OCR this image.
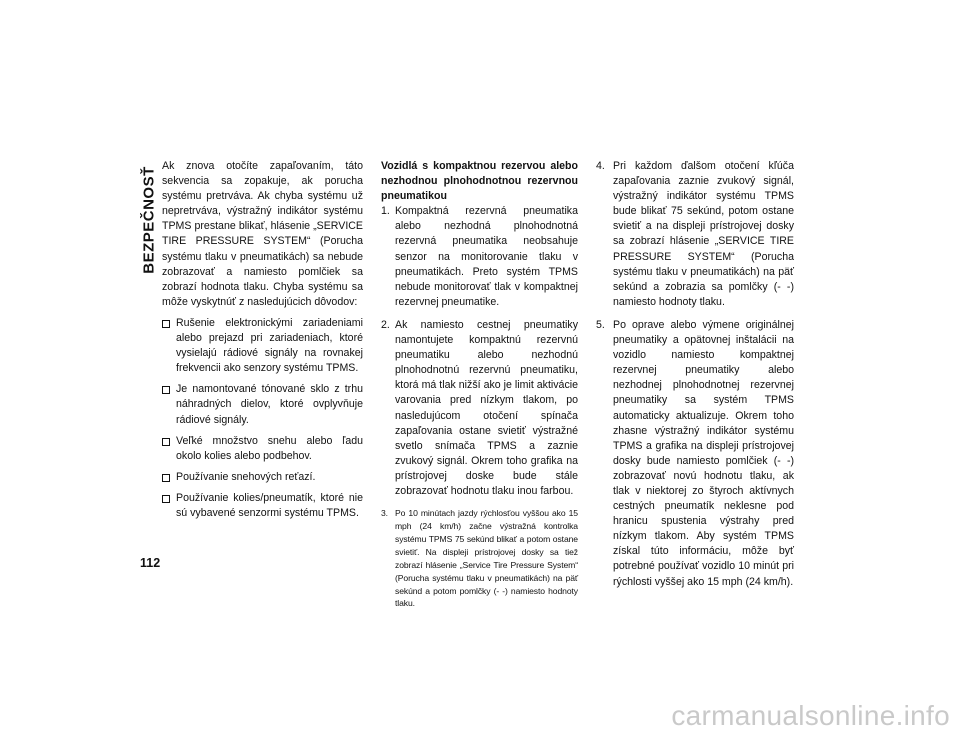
BEZPEČNOSŤ

Ak znova otočíte zapaľovaním, táto sekvencia sa zopakuje, ak porucha systému pretrváva. Ak chyba systému už nepretrváva, výstražný indikátor systému TPMS prestane blikať, hlásenie „SERVICE TIRE PRESSURE SYSTEM“ (Porucha systému tlaku v pneumatikách) sa nebude zobrazovať a namiesto pomlčiek sa zobrazí hodnota tlaku. Chyba systému sa môže vyskytnúť z nasledujúcich dôvodov:

Rušenie elektronickými zariadeniami alebo prejazd pri zariadeniach, ktoré vysielajú rádiové signály na rovnakej frekvencii ako senzory systému TPMS.
Je namontované tónované sklo z trhu náhradných dielov, ktoré ovplyvňuje rádiové signály.
Veľké množstvo snehu alebo ľadu okolo kolies alebo podbehov.
Používanie snehových reťazí.
Používanie kolies/pneumatík, ktoré nie sú vybavené senzormi systému TPMS.

Vozidlá s kompaktnou rezervou alebo nezhodnou plnohodnotnou rezervnou pneumatikou

1. Kompaktná rezervná pneumatika alebo nezhodná plnohodnotná rezervná pneumatika neobsahuje senzor na monitorovanie tlaku v pneumatikách. Preto systém TPMS nebude monitorovať tlak v kompaktnej rezervnej pneumatike.
2. Ak namiesto cestnej pneumatiky namontujete kompaktnú rezervnú pneumatiku alebo nezhodnú plnohodnotnú rezervnú pneumatiku, ktorá má tlak nižší ako je limit aktivácie varovania pred nízkym tlakom, po nasledujúcom otočení spínača zapaľovania ostane svietiť výstražné svetlo snímača TPMS a zaznie zvukový signál. Okrem toho grafika na prístrojovej doske bude stále zobrazovať hodnotu tlaku inou farbou.
3. Po 10 minútach jazdy rýchlosťou vyššou ako 15 mph (24 km/h) začne výstražná kontrolka systému TPMS 75 sekúnd blikať a potom ostane svietiť. Na displeji prístrojovej dosky sa tiež zobrazí hlásenie „Service Tire Pressure System“ (Porucha systému tlaku v pneumatikách) na päť sekúnd a potom pomlčky (- -) namiesto hodnoty tlaku.
4. Pri každom ďalšom otočení kľúča zapaľovania zaznie zvukový signál, výstražný indikátor systému TPMS bude blikať 75 sekúnd, potom ostane svietiť a na displeji prístrojovej dosky sa zobrazí hlásenie „SERVICE TIRE PRESSURE SYSTEM“ (Porucha systému tlaku v pneumatikách) na päť sekúnd a zobrazia sa pomlčky (- -) namiesto hodnoty tlaku.
5. Po oprave alebo výmene originálnej pneumatiky a opätovnej inštalácii na vozidlo namiesto kompaktnej rezervnej pneumatiky alebo nezhodnej plnohodnotnej rezervnej pneumatiky sa systém TPMS automaticky aktualizuje. Okrem toho zhasne výstražný indikátor systému TPMS a grafika na displeji prístrojovej dosky bude namiesto pomlčiek (- -) zobrazovať novú hodnotu tlaku, ak tlak v niektorej zo štyroch aktívnych cestných pneumatík neklesne pod hranicu spustenia výstrahy pred nízkym tlakom. Aby systém TPMS získal túto informáciu, môže byť potrebné používať vozidlo 10 minút pri rýchlosti vyššej ako 15 mph (24 km/h).
112
carmanualsonline.info
